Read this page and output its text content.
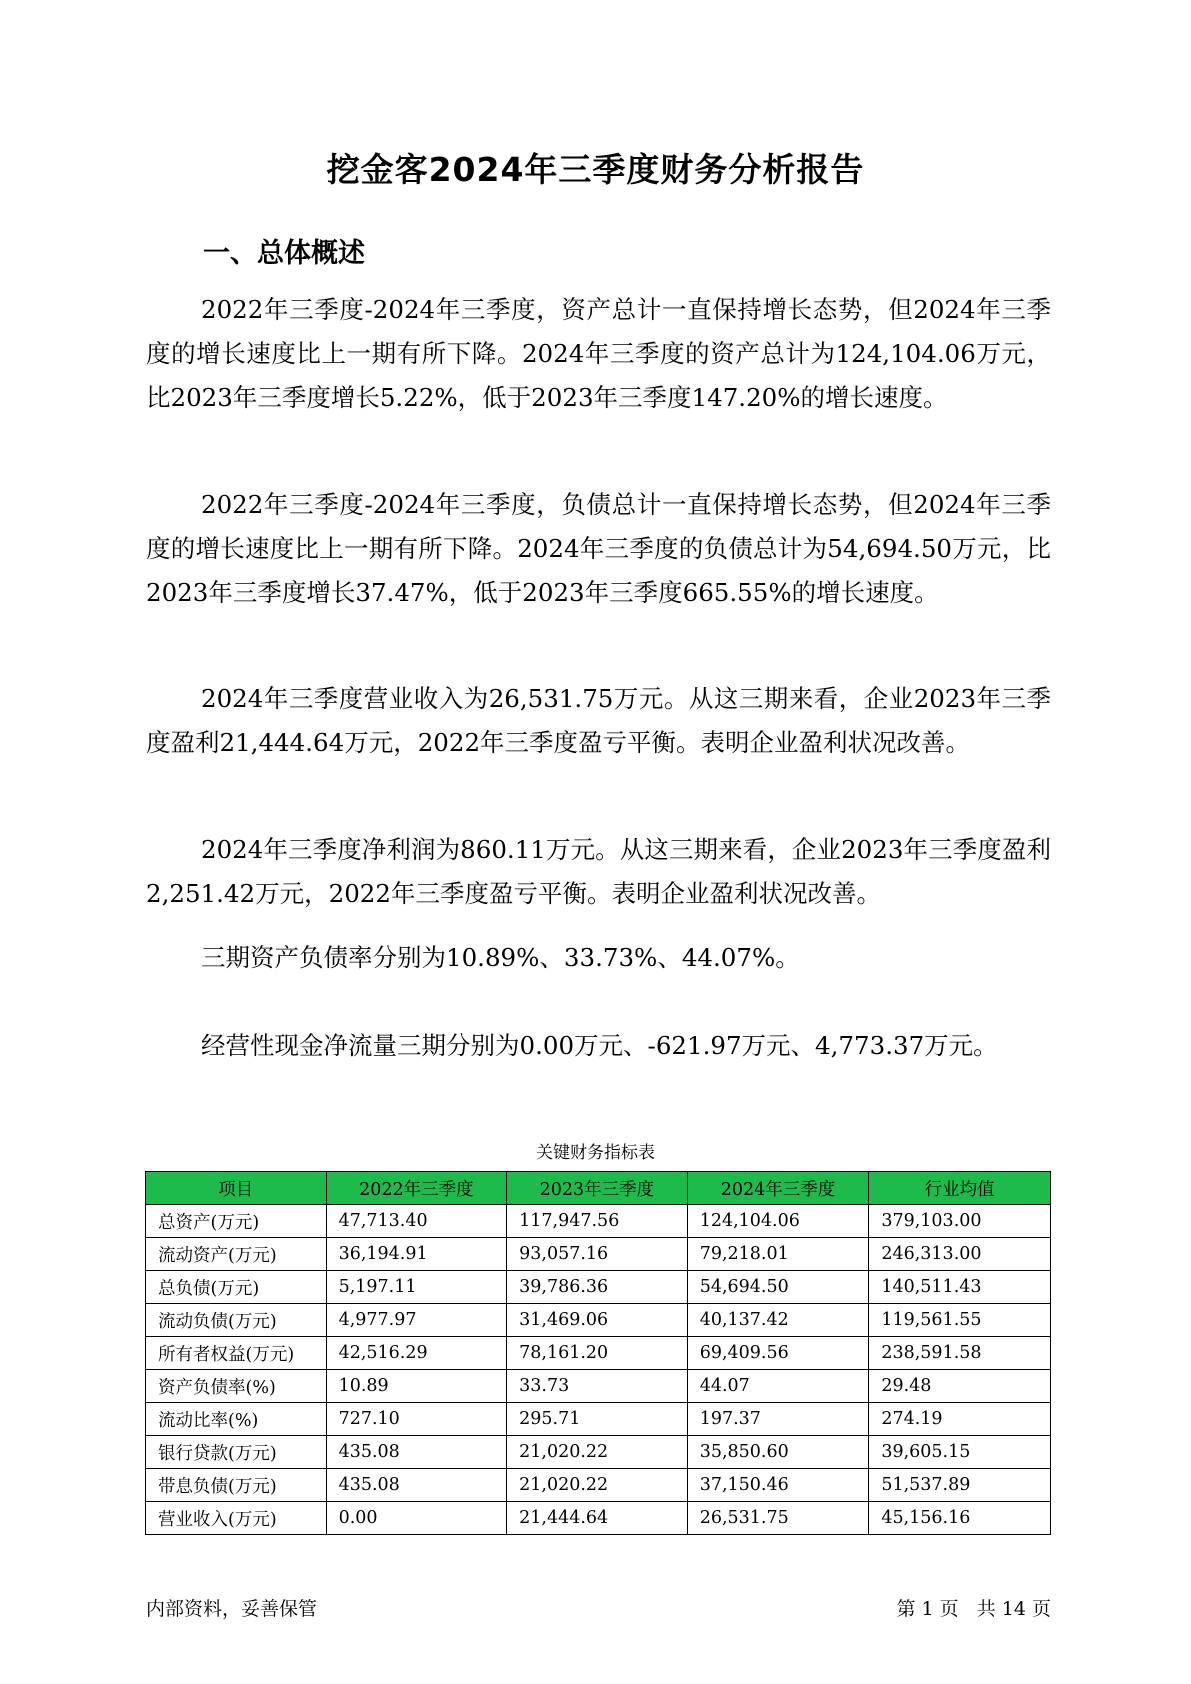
挖金客2024年三季度财务分析报告
一、总体概述

2022年三季度-2024年三季度，资产总计一直保持增长态势，但2024年三季度的增长速度比上一期有所下降。2024年三季度的资产总计为124,104.06万元，比2023年三季度增长5.22%，低于2023年三季度147.20%的增长速度。

2022年三季度-2024年三季度，负债总计一直保持增长态势，但2024年三季度的增长速度比上一期有所下降。2024年三季度的负债总计为54,694.50万元，比2023年三季度增长37.47%，低于2023年三季度665.55%的增长速度。

2024年三季度营业收入为26,531.75万元。从这三期来看，企业2023年三季度盈利21,444.64万元，2022年三季度盈亏平衡。表明企业盈利状况改善。

2024年三季度净利润为860.11万元。从这三期来看，企业2023年三季度盈利2,251.42万元，2022年三季度盈亏平衡。表明企业盈利状况改善。

三期资产负债率分别为10.89%、33.73%、44.07%。

经营性现金净流量三期分别为0.00万元、-621.97万元、4,773.37万元。

关键财务指标表
项目	2022年三季度	2023年三季度	2024年三季度	行业均值
总资产(万元)	47,713.40	117,947.56	124,104.06	379,103.00
流动资产(万元)	36,194.91	93,057.16	79,218.01	246,313.00
总负债(万元)	5,197.11	39,786.36	54,694.50	140,511.43
流动负债(万元)	4,977.97	31,469.06	40,137.42	119,561.55
所有者权益(万元)	42,516.29	78,161.20	69,409.56	238,591.58
资产负债率(%)	10.89	33.73	44.07	29.48
流动比率(%)	727.10	295.71	197.37	274.19
银行贷款(万元)	435.08	21,020.22	35,850.60	39,605.15
带息负债(万元)	435.08	21,020.22	37,150.46	51,537.89
营业收入(万元)	0.00	21,444.64	26,531.75	45,156.16
内部资料，妥善保管	第 1 页   共 14 页
